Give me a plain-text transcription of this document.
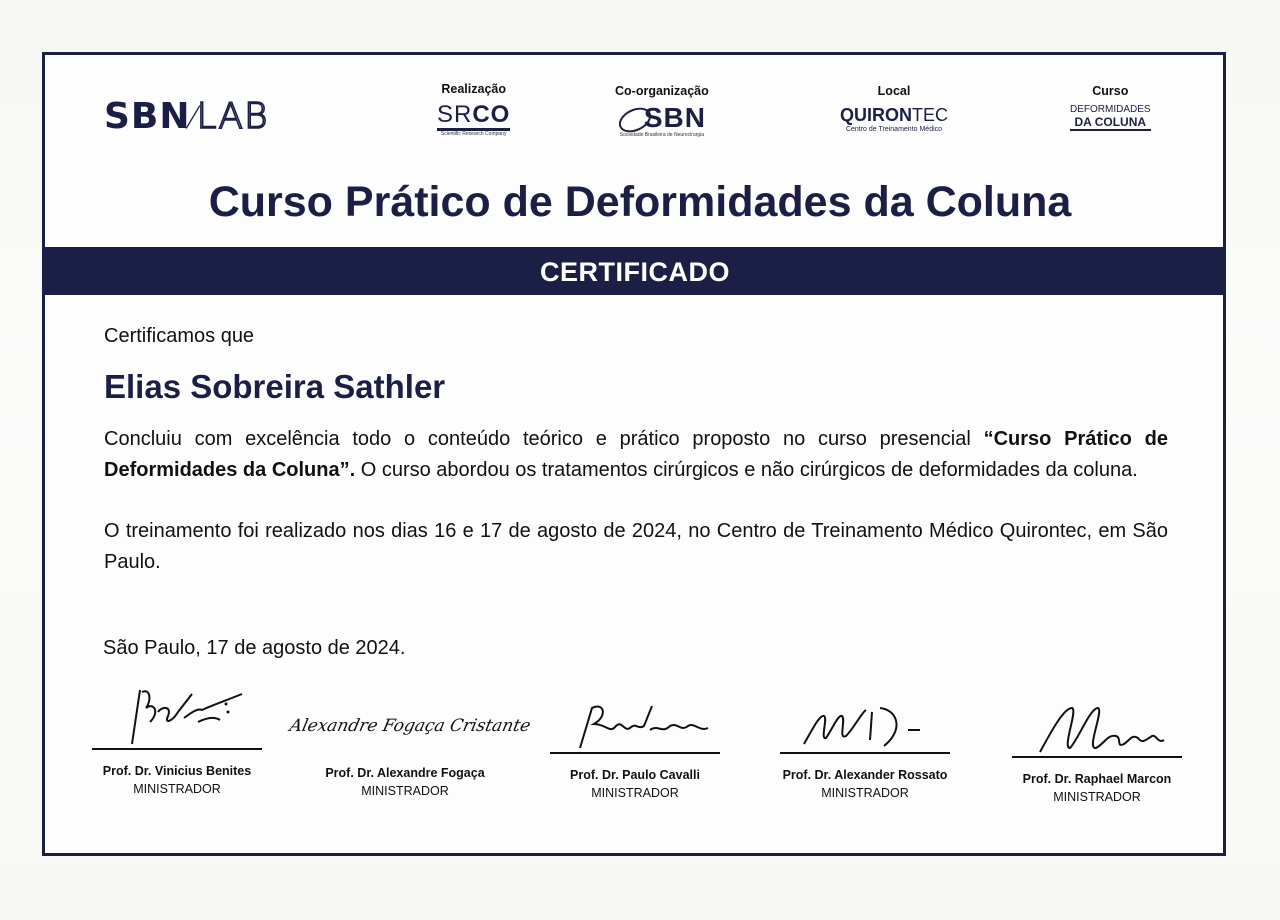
SBN⁄LAB
Realização
SRCO
Scientific Research Company
Co-organização
SBN
Sociedade Brasileira de Neurocirurgia
Local
QUIRONTEC
Centro de Treinamento Médico
Curso
DEFORMIDADES
DA COLUNA
Curso Prático de Deformidades da Coluna
CERTIFICADO
Certificamos que
Elias Sobreira Sathler
Concluiu com excelência todo o conteúdo teórico e prático proposto no curso presencial “Curso Prático de Deformidades da Coluna”. O curso abordou os tratamentos cirúrgicos e não cirúrgicos de deformidades da coluna.
O treinamento foi realizado nos dias 16 e 17 de agosto de 2024, no Centro de Treinamento Médico Quirontec, em São Paulo.
São Paulo, 17 de agosto de 2024.
Prof. Dr. Vinicius Benites
MINISTRADOR
Alexandre Fogaça Cristante
Prof. Dr. Alexandre Fogaça
MINISTRADOR
Prof. Dr. Paulo Cavalli
MINISTRADOR
Prof. Dr. Alexander Rossato
MINISTRADOR
Prof. Dr. Raphael Marcon
MINISTRADOR
